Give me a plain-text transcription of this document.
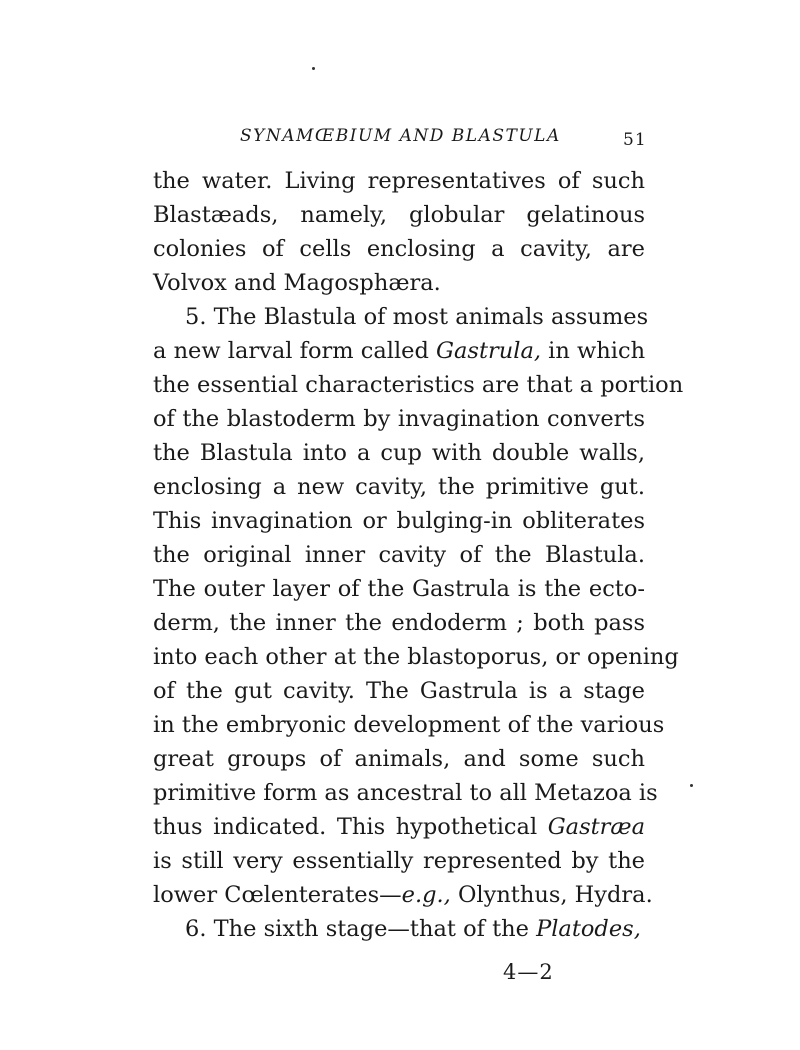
SYNAMŒBIUM AND BLASTULA	51
the water. Living representatives of such
Blastæads, namely, globular gelatinous
colonies of cells enclosing a cavity, are
Volvox and Magosphæra.
5. The Blastula of most animals assumes
a new larval form called Gastrula, in which
the essential characteristics are that a portion
of the blastoderm by invagination converts
the Blastula into a cup with double walls,
enclosing a new cavity, the primitive gut.
This invagination or bulging-in obliterates
the original inner cavity of the Blastula.
The outer layer of the Gastrula is the ecto-
derm, the inner the endoderm ; both pass
into each other at the blastoporus, or opening
of the gut cavity. The Gastrula is a stage
in the embryonic development of the various
great groups of animals, and some such
primitive form as ancestral to all Metazoa is
thus indicated. This hypothetical Gastræa
is still very essentially represented by the
lower Cœlenterates—e.g., Olynthus, Hydra.
6. The sixth stage—that of the Platodes,
4—2
